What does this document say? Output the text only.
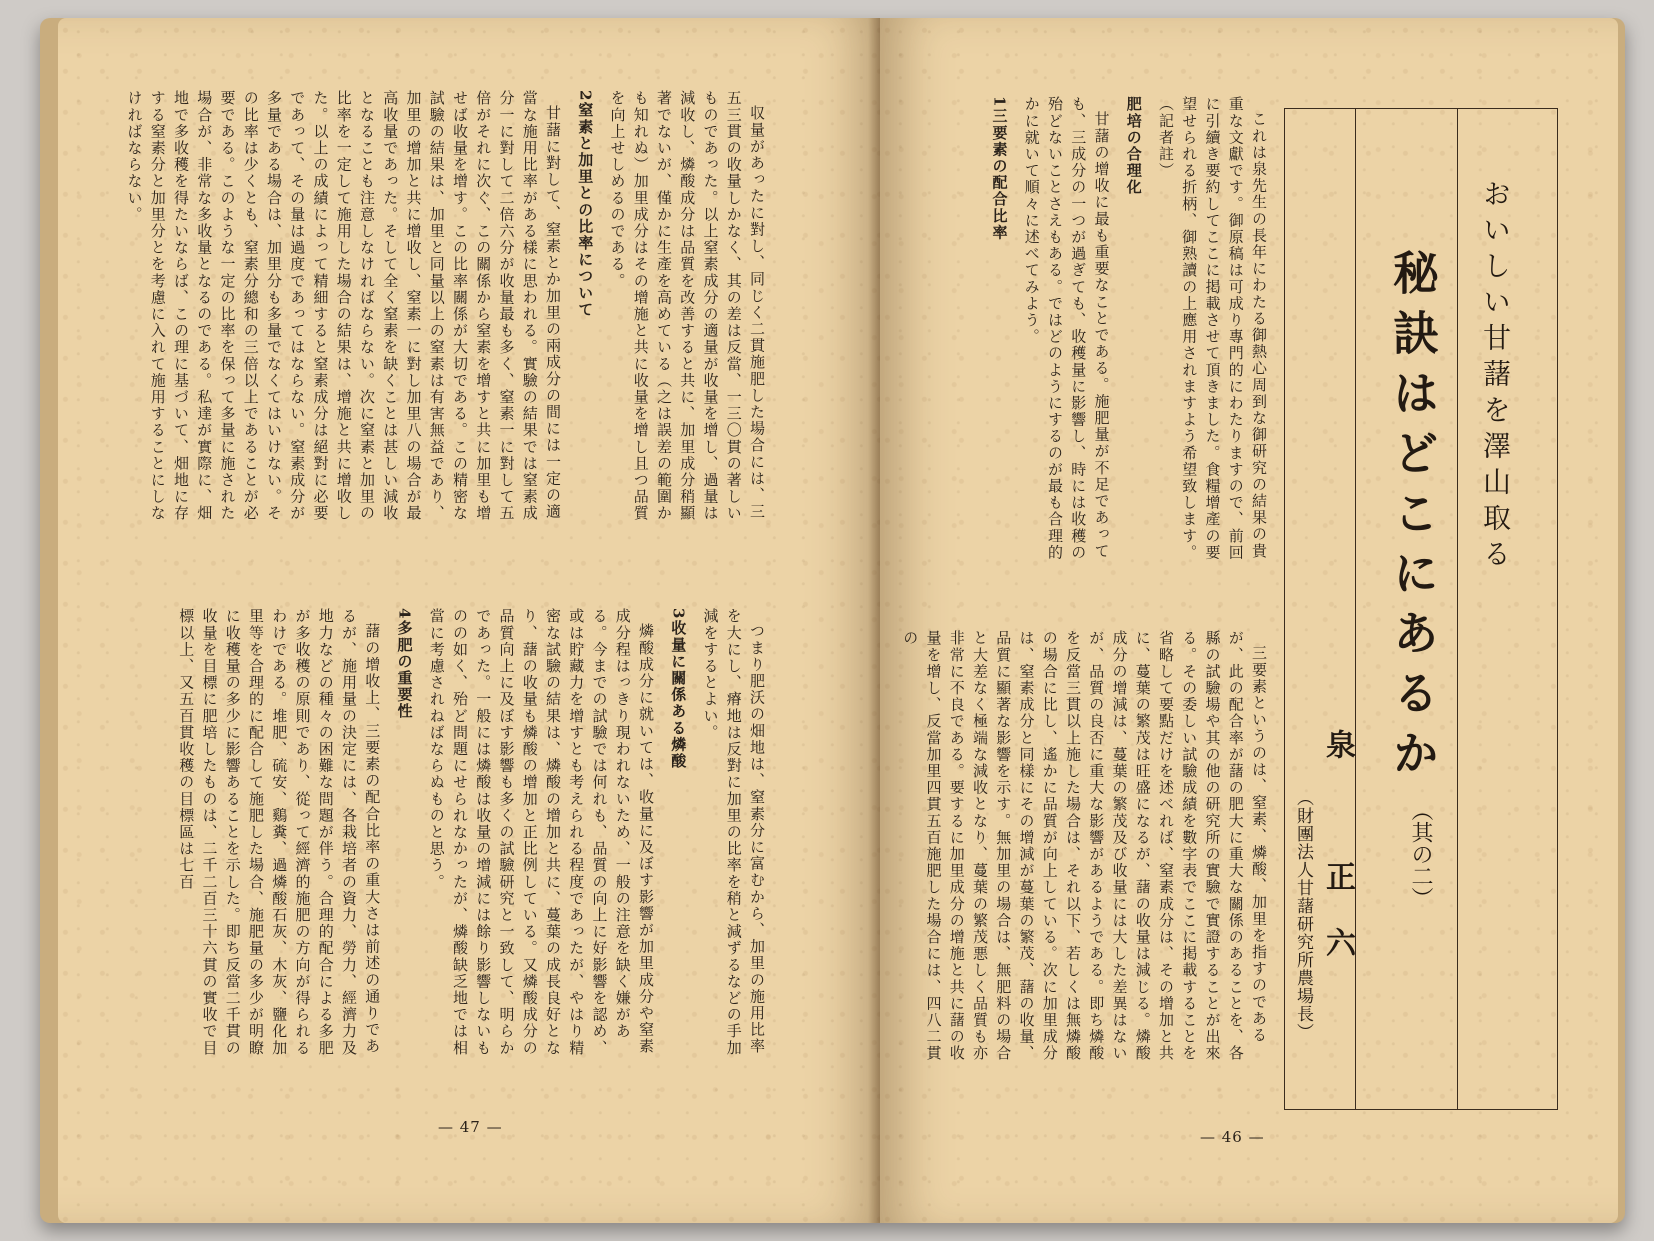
収量があったに對し、同じく二貫施肥した場合には、三五三貫の收量しかなく、其の差は反當、一三〇貫の著しいものであった。以上窒素成分の適量が收量を增し、過量は減收し、燐酸成分は品質を改善すると共に、加里成分稍顯著でないが、僅かに生產を高めている（之は誤差の範圍かも知れぬ）加里成分はその增施と共に收量を增し且つ品質を向上せしめるのである。

2窒素と加里との比率について

甘藷に對して、窒素とか加里の兩成分の間には一定の適當な施用比率がある樣に思われる。實驗の結果では窒素成分一に對して二倍六分が收量最も多く、窒素一に對して五倍がそれに次ぐ、この關係から窒素を增すと共に加里も增せば收量を增す。この比率關係が大切である。この精密な試驗の結果は、加里と同量以上の窒素は有害無益であり、加里の增加と共に增收し、窒素一に對し加里八の場合が最高收量であった。そして全く窒素を缺くことは甚しい減收となることも注意しなければならない。次に窒素と加里の比率を一定して施用した場合の結果は、增施と共に增收した。以上の成績によって精細すると窒素成分は絕對に必要であって、その量は過度であってはならない。窒素成分が多量である場合は、加里分も多量でなくてはいけない。その比率は少くとも、窒素分總和の三倍以上であることが必要である。このような一定の比率を保って多量に施された場合が、非常な多收量となるのである。私達が實際に、畑地で多收穫を得たいならば、この理に基づいて、畑地に存する窒素分と加里分とを考慮に入れて施用することにしなければならない。

つまり肥沃の畑地は、窒素分に富むから、加里の施用比率を大にし、瘠地は反對に加里の比率を稍と減ずるなどの手加減をするとよい。

3收量に關係ある燐酸

燐酸成分に就いては、收量に及ぼす影響が加里成分や窒素成分程はっきり現われないため、一般の注意を缺く嫌がある。今までの試驗では何れも、品質の向上に好影響を認め、或は貯藏力を增すとも考えられる程度であったが、やはり精密な試驗の結果は、燐酸の增加と共に、蔓葉の成長良好となり、藷の收量も燐酸の增加と正比例している。又燐酸成分の品質向上に及ぼす影響も多くの試驗研究と一致して、明らかであった。一般には燐酸は收量の增減には餘り影響しないものの如く、殆ど問題にせられなかったが、燐酸缺乏地では相當に考慮されねばならぬものと思う。

4多肥の重要性

藷の增收上、三要素の配合比率の重大さは前述の通りであるが、施用量の決定には、各栽培者の資力、勞力、經濟力及地力などの種々の困難な問題が伴う。合理的配合による多肥が多收穫の原則であり、從って經濟的施肥の方向が得られるわけである。堆肥、硫安、鷄糞、過燐酸石灰、木灰、鹽化加里等を合理的に配合して施肥した場合、施肥量の多少が明瞭に收穫量の多少に影響あることを示した。即ち反當二千貫の收量を目標に肥培したものは、二千二百三十六貫の實收で目標以上、又五百貫收穫の目標區は七百

— 47 —

これは泉先生の長年にわたる御熱心周到な御研究の結果の貴重な文獻です。御原稿は可成り專門的にわたりますので、前回に引續き要約してここに掲載させて頂きました。食糧增產の要望せられる折柄、御熟讀の上應用されますよう希望致します。（記者註）

肥培の合理化

甘藷の增收に最も重要なことである。施肥量が不足であっても、三成分の一つが過ぎても、收穫量に影響し、時には收穫の殆どないことさえもある。ではどのようにするのが最も合理的かに就いて順々に述べてみよう。

1三要素の配合比率

三要素というのは、窒素、燐酸、加里を指すのであるが、此の配合率が藷の肥大に重大な關係のあることを、各縣の試驗場や其の他の研究所の實驗で實證することが出來る。その委しい試驗成績を數字表でここに掲載することを省略して要點だけを述べれば、窒素成分は、その增加と共に、蔓葉の繁茂は旺盛になるが、藷の收量は減じる。燐酸成分の增減は、蔓葉の繁茂及び收量には大した差異はないが、品質の良否に重大な影響があるようである。即ち燐酸を反當三貫以上施した場合は、それ以下、若しくは無燐酸の場合に比し、遙かに品質が向上している。次に加里成分は、窒素成分と同樣にその增減が蔓葉の繁茂、藷の收量、品質に顯著な影響を示す。無加里の場合は、無肥料の場合と大差なく極端な減收となり、蔓葉の繁茂悪しく品質も亦非常に不良である。要するに加里成分の增施と共に藷の收量を增し、反當加里四貫五百施肥した場合には、四八二貫の	秘訣はどこにあるか おいしい甘藷を澤山取る
（其の二）
泉　正六
（財團法人甘藷研究所農場長）
— 46 —
